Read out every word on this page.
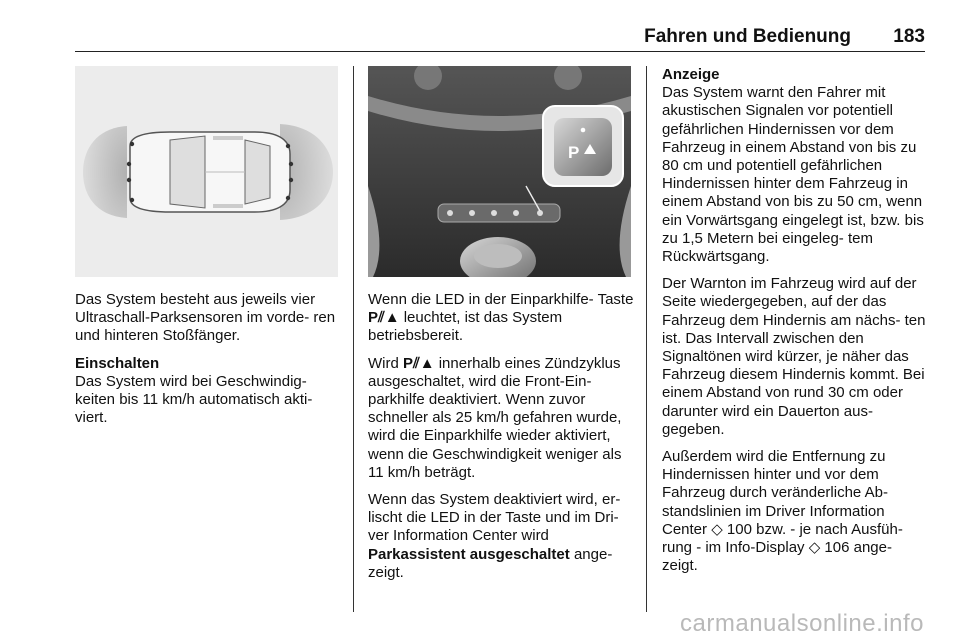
Fahren und Bedienung 183
P

Das System besteht aus jeweils vier Ultraschall-Parksensoren im vorde- ren und hinteren Stoßfänger.

Einschalten

Das System wird bei Geschwindig- keiten bis 11 km/h automatisch akti- viert.

Wenn die LED in der Einparkhilfe- Taste P⫽▲ leuchtet, ist das System betriebsbereit.

Wird P⫽▲ innerhalb eines Zündzyklus ausgeschaltet, wird die Front-Ein- parkhilfe deaktiviert. Wenn zuvor schneller als 25 km/h gefahren wurde, wird die Einparkhilfe wieder aktiviert, wenn die Geschwindigkeit weniger als 11 km/h beträgt.

Wenn das System deaktiviert wird, er- lischt die LED in der Taste und im Dri- ver Information Center wird Parkassistent ausgeschaltet ange- zeigt.

Anzeige

Das System warnt den Fahrer mit akustischen Signalen vor potentiell gefährlichen Hindernissen vor dem Fahrzeug in einem Abstand von bis zu 80 cm und potentiell gefährlichen Hindernissen hinter dem Fahrzeug in einem Abstand von bis zu 50 cm, wenn ein Vorwärtsgang eingelegt ist, bzw. bis zu 1,5 Metern bei eingeleg- tem Rückwärtsgang.

Der Warnton im Fahrzeug wird auf der Seite wiedergegeben, auf der das Fahrzeug dem Hindernis am nächs- ten ist. Das Intervall zwischen den Signaltönen wird kürzer, je näher das Fahrzeug diesem Hindernis kommt. Bei einem Abstand von rund 30 cm oder darunter wird ein Dauerton aus- gegeben.

Außerdem wird die Entfernung zu Hindernissen hinter und vor dem Fahrzeug durch veränderliche Ab- standslinien im Driver Information Center ◇ 100 bzw. - je nach Ausfüh- rung - im Info-Display ◇ 106 ange- zeigt.

carmanualsonline.info
